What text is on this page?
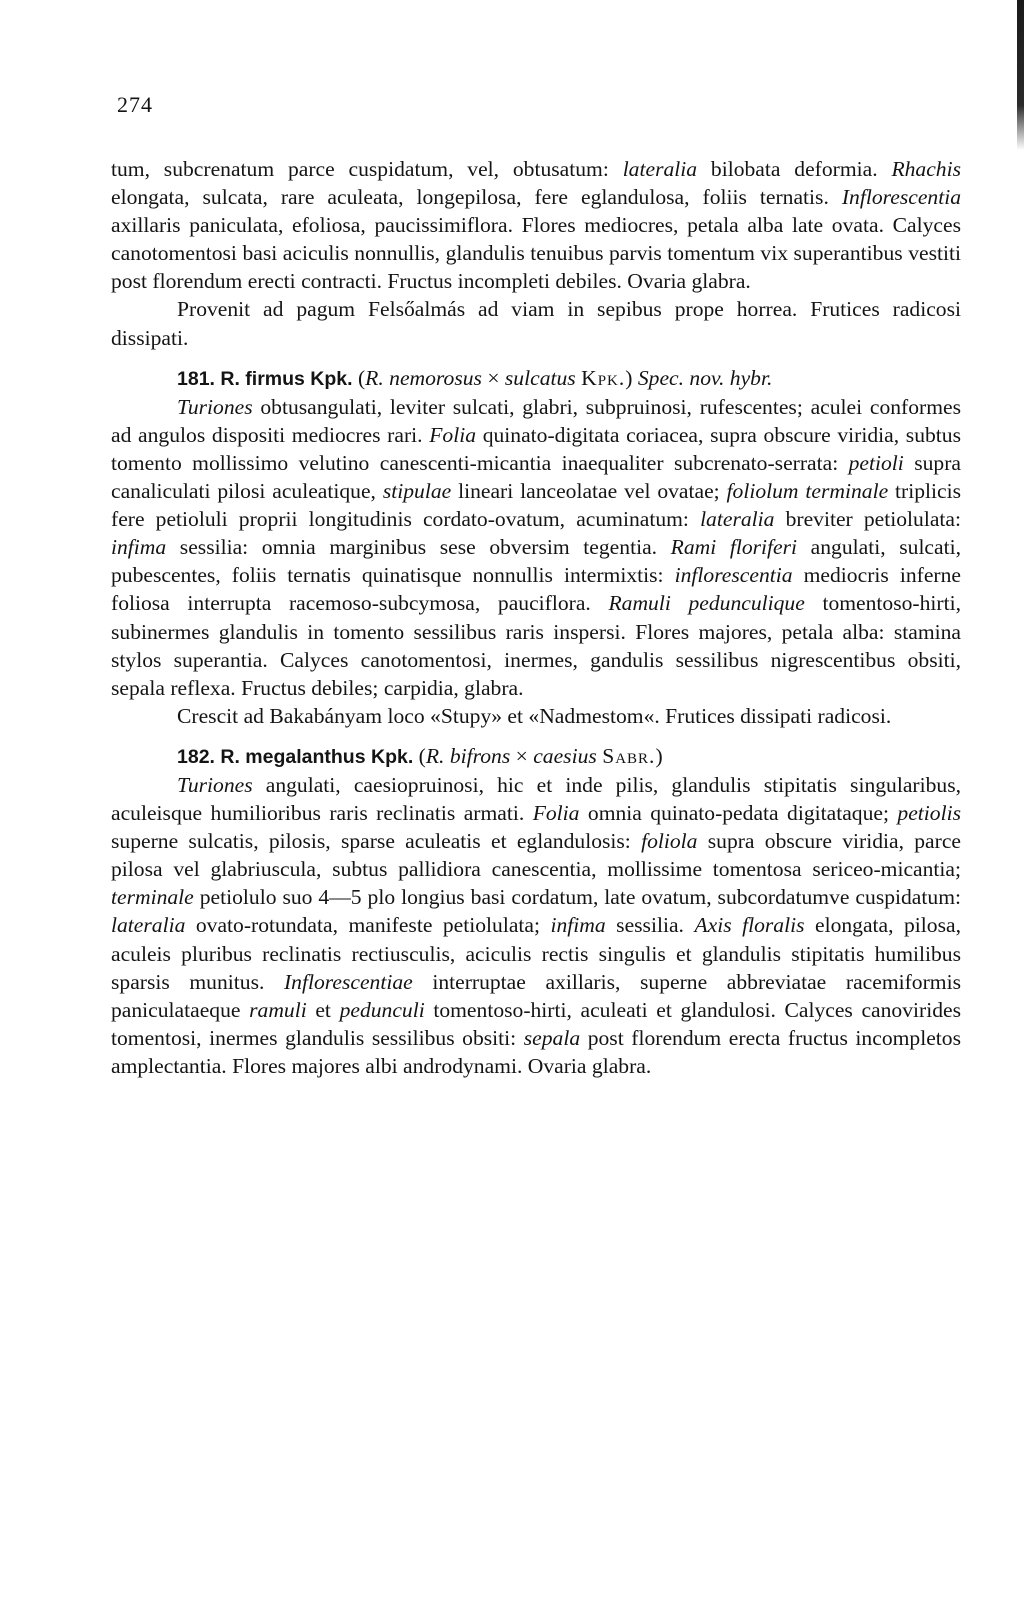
274

tum, subcrenatum parce cuspidatum, vel, obtusatum: lateralia bilobata deformia. Rhachis elongata, sulcata, rare aculeata, longepilosa, fere eglandulosa, foliis ternatis. Inflorescentia axillaris paniculata, efoliosa, paucissimiflora. Flores mediocres, petala alba late ovata. Calyces canotomentosi basi aciculis nonnullis, glandulis tenuibus parvis tomentum vix superantibus vestiti post florendum erecti contracti. Fructus incompleti debiles. Ovaria glabra.

Provenit ad pagum Felsőalmás ad viam in sepibus prope horrea. Frutices radicosi dissipati.

181. R. firmus Kpk. (R. nemorosus × sulcatus Kpk.) Spec. nov. hybr.

Turiones obtusangulati, leviter sulcati, glabri, subpruinosi, rufescentes; aculei conformes ad angulos dispositi mediocres rari. Folia quinato-digitata coriacea, supra obscure viridia, subtus tomento mollissimo velutino canescenti-micantia inaequaliter subcrenato-serrata: petioli supra canaliculati pilosi aculeatique, stipulae lineari lanceolatae vel ovatae; foliolum terminale triplicis fere petioluli proprii longitudinis cordato-ovatum, acuminatum: lateralia breviter petiolulata: infima sessilia: omnia marginibus sese obversim tegentia. Rami floriferi angulati, sulcati, pubescentes, foliis ternatis quinatisque nonnullis intermixtis: inflorescentia mediocris inferne foliosa interrupta racemoso-subcymosa, pauciflora. Ramuli pedunculique tomentoso-hirti, subinermes glandulis in tomento sessilibus raris inspersi. Flores majores, petala alba: stamina stylos superantia. Calyces canotomentosi, inermes, gandulis sessilibus nigrescentibus obsiti, sepala reflexa. Fructus debiles; carpidia, glabra.

Crescit ad Bakabányam loco «Stupy» et «Nadmestom«. Frutices dissipati radicosi.

182. R. megalanthus Kpk. (R. bifrons × caesius Sabr.)

Turiones angulati, caesiopruinosi, hic et inde pilis, glandulis stipitatis singularibus, aculeisque humilioribus raris reclinatis armati. Folia omnia quinato-pedata digitataque; petiolis superne sulcatis, pilosis, sparse aculeatis et eglandulosis: foliola supra obscure viridia, parce pilosa vel glabriuscula, subtus pallidiora canescentia, mollissime tomentosa sericeo-micantia; terminale petiolulo suo 4—5 plo longius basi cordatum, late ovatum, subcordatumve cuspidatum: lateralia ovato-rotundata, manifeste petiolulata; infima sessilia. Axis floralis elongata, pilosa, aculeis pluribus reclinatis rectiusculis, aciculis rectis singulis et glandulis stipitatis humilibus sparsis munitus. Inflorescentiae interruptae axillaris, superne abbreviatae racemiformis paniculataeque ramuli et pedunculi tomentoso-hirti, aculeati et glandulosi. Calyces canovirides tomentosi, inermes glandulis sessilibus obsiti: sepala post florendum erecta fructus incompletos amplectantia. Flores majores albi androdynami. Ovaria glabra.
